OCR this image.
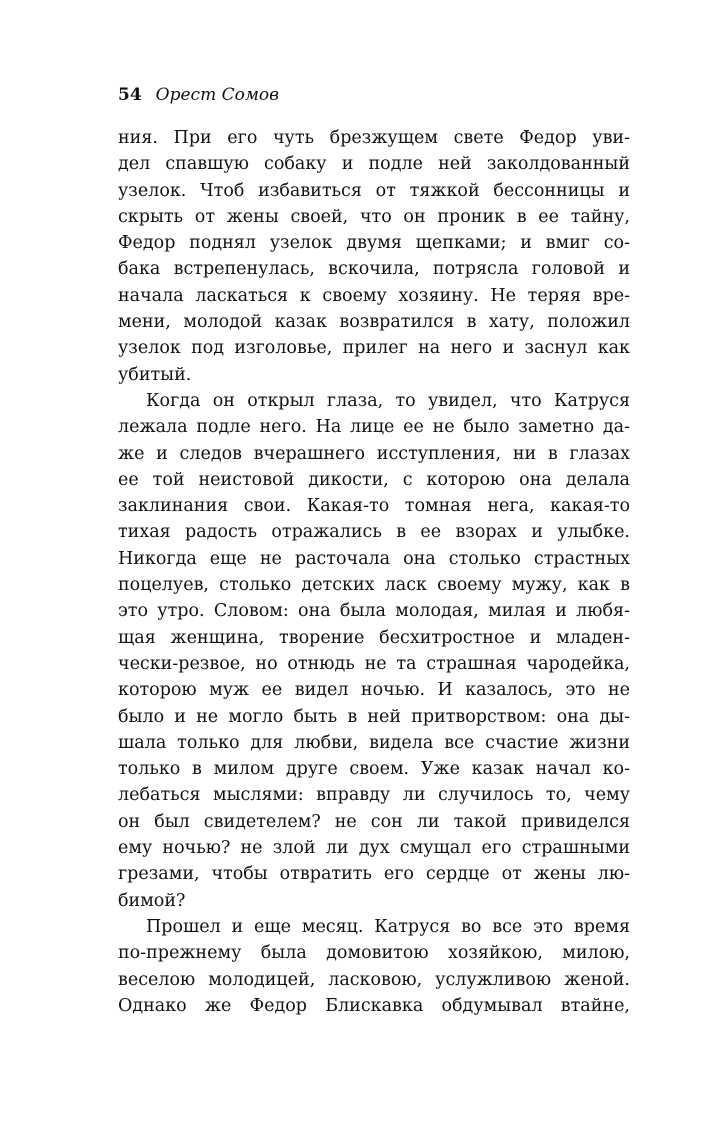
54 Орест Сомов
ния. При его чуть брезжущем свете Федор уви-
дел спавшую собаку и подле ней заколдованный
узелок. Чтоб избавиться от тяжкой бессонницы и
скрыть от жены своей, что он проник в ее тайну,
Федор поднял узелок двумя щепками; и вмиг со-
бака встрепенулась, вскочила, потрясла головой и
начала ласкаться к своему хозяину. Не теряя вре-
мени, молодой казак возвратился в хату, положил
узелок под изголовье, прилег на него и заснул как
убитый.
Когда он открыл глаза, то увидел, что Катруся
лежала подле него. На лице ее не было заметно да-
же и следов вчерашнего исступления, ни в глазах
ее той неистовой дикости, с которою она делала
заклинания свои. Какая-то томная нега, какая-то
тихая радость отражались в ее взорах и улыбке.
Никогда еще не расточала она столько страстных
поцелуев, столько детских ласк своему мужу, как в
это утро. Словом: она была молодая, милая и любя-
щая женщина, творение бесхитростное и младен-
чески-резвое, но отнюдь не та страшная чародейка,
которою муж ее видел ночью. И казалось, это не
было и не могло быть в ней притворством: она ды-
шала только для любви, видела все счастие жизни
только в милом друге своем. Уже казак начал ко-
лебаться мыслями: вправду ли случилось то, чему
он был свидетелем? не сон ли такой привиделся
ему ночью? не злой ли дух смущал его страшными
грезами, чтобы отвратить его сердце от жены лю-
бимой?
Прошел и еще месяц. Катруся во все это время
по-прежнему была домовитою хозяйкою, милою,
веселою молодицей, ласковою, услужливою женой.
Однако же Федор Блискавка обдумывал втайне,
